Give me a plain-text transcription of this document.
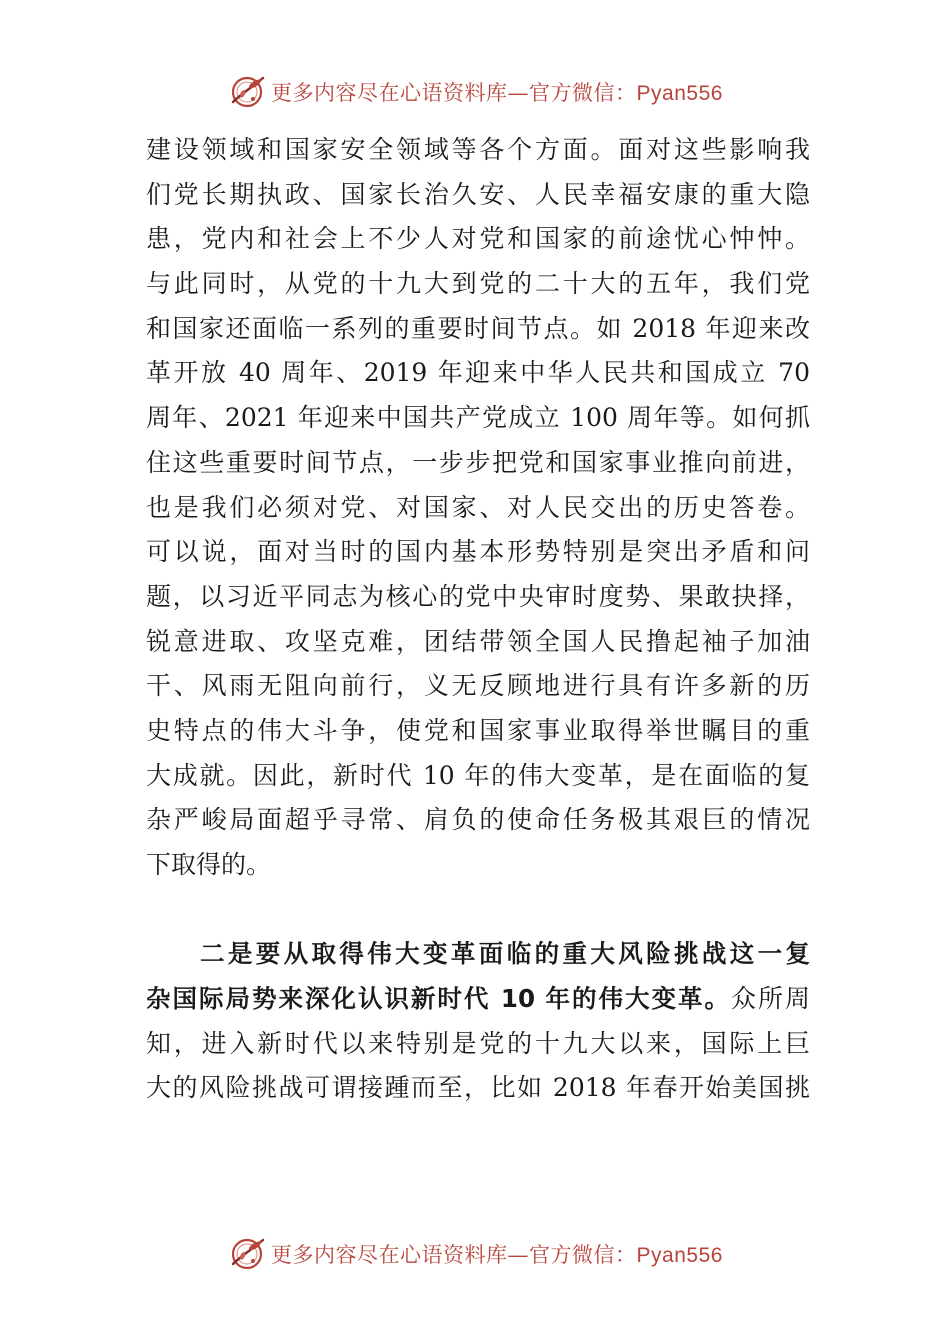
更多内容尽在心语资料库—官方微信：Pyan556
建设领域和国家安全领域等各个方面。面对这些影响我
们党长期执政、国家长治久安、人民幸福安康的重大隐
患，党内和社会上不少人对党和国家的前途忧心忡忡。
与此同时，从党的十九大到党的二十大的五年，我们党
和国家还面临一系列的重要时间节点。如 2018 年迎来改
革开放 40 周年、2019 年迎来中华人民共和国成立 70
周年、2021 年迎来中国共产党成立 100 周年等。如何抓
住这些重要时间节点，一步步把党和国家事业推向前进，
也是我们必须对党、对国家、对人民交出的历史答卷。
可以说，面对当时的国内基本形势特别是突出矛盾和问
题，以习近平同志为核心的党中央审时度势、果敢抉择，
锐意进取、攻坚克难，团结带领全国人民撸起袖子加油
干、风雨无阻向前行，义无反顾地进行具有许多新的历
史特点的伟大斗争，使党和国家事业取得举世瞩目的重
大成就。因此，新时代 10 年的伟大变革，是在面临的复
杂严峻局面超乎寻常、肩负的使命任务极其艰巨的情况
下取得的。
二是要从取得伟大变革面临的重大风险挑战这一复
杂国际局势来深化认识新时代 10 年的伟大变革。众所周
知，进入新时代以来特别是党的十九大以来，国际上巨
大的风险挑战可谓接踵而至，比如 2018 年春开始美国挑
更多内容尽在心语资料库—官方微信：Pyan556
